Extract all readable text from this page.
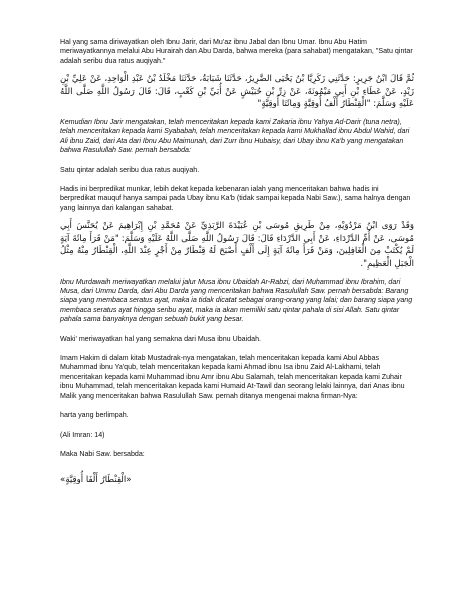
Hal yang sama diriwayatkan oleh Ibnu Jarir, dari Mu'az ibnu Jabal dan Ibnu Umar. Ibnu Abu Hatim meriwayatkannya melalui Abu Hurairah dan Abu Darda, bahwa mereka (para sahabat) mengatakan, "Satu qintar adalah seribu dua ratus auqiyah."

ثُمَّ قَالَ ابْنُ جَرِيرٍ: حَدَّثَنِي زَكَرِيَّا بْنُ يَحْيَى الضَّرِيرُ، حَدَّثَنَا شَبَابَةُ، حَدَّثَنَا مَخْلَدُ بْنُ عَبْدِ الْوَاحِدِ، عَنْ عَلِيِّ بْنِ زَيْدٍ، عَنْ عَطَاءِ بْنِ أَبِي مَيْمُونَةَ، عَنْ زِرِّ بْنِ حُبَيْشٍ عَنْ أُبَيِّ بْنِ كَعْبٍ، قَالَ: قَالَ رَسُولُ اللَّهِ صَلَّى اللَّهُ عَلَيْهِ وَسَلَّمَ: "الْقِنْطَارُ أَلْفُ أُوقِيَّةٍ وَمِائَتَا أُوقِيَّةٍ"

Kemudian Ibnu Jarir mengatakan, telah menceritakan kepada kami Zakaria ibnu Yahya Ad-Darir (tuna netra), telah menceritakan kepada kami Syababah, telah menceritakan kepada kami Mukhallad ibnu Abdul Wahid, dari Ali ibnu Zaid, dari Ata dari Ibnu Abu Maimunah, dari Zurr ibnu Hubaisy, dari Ubay ibnu Ka'b yang mengatakan bahwa Rasulullah Saw. pernah bersabda:

Satu qintar adalah seribu dua ratus auqiyah.

Hadis ini berpredikat munkar, lebih dekat kepada kebenaran ialah yang menceritakan bahwa hadis ini berpredikat mauquf hanya sampai pada Ubay ibnu Ka'b (tidak sampai kepada Nabi Saw.), sama halnya dengan yang lainnya dari kalangan sahabat.

وَقَدْ رَوَى ابْنُ مَرْدُوَيْهِ، مِنْ طَرِيقِ مُوسَى بْنِ عُبَيْدَةَ الرَّبَذِيِّ عَنْ مُحَمَّدِ بْنِ إِبْرَاهِيمَ عَنْ يُحَنَّسَ أَبِي مُوسَى، عَنْ أُمِّ الدَّرْدَاءِ، عَنْ أَبِي الدَّرْدَاءِ قَالَ: قَالَ رَسُولُ اللَّهِ صَلَّى اللَّهُ عَلَيْهِ وَسَلَّمَ: "مَنْ قَرَأَ مِائَةَ آيَةٍ لَمْ يُكْتَبْ مِنَ الْغَافِلِينَ، وَمَنْ قَرَأَ مِائَةَ آيَةٍ إِلَى أَلْفٍ أَصْبَحَ لَهُ قِنْطَارٌ مِنْ أَجْرٍ عِنْدَ اللَّهِ، الْقِنْطَارُ مِنْهُ مِثْلُ الْجَبَلِ الْعَظِيمِ".

Ibnu Murdawaih meriwayatkan melalui jalur Musa ibnu Ubaidah Ar-Rabzi, dari Muhammad ibnu Ibrahim, dari Musa, dari Ummu Darda, dari Abu Darda yang menceritakan bahwa Rasulullah Saw. pernah bersabda: Barang siapa yang membaca seratus ayat, maka ia tidak dicatat sebagai orang-orang yang lalai; dan barang siapa yang membaca seratus ayat hingga seribu ayat, maka ia akan memiliki satu qintar pahala di sisi Allah. Satu qintar pahala sama banyaknya dengan sebuah bukit yang besar.

Waki' meriwayatkan hal yang semakna dari Musa ibnu Ubaidah.

Imam Hakim di dalam kitab Mustadrak-nya mengatakan, telah menceritakan kepada kami Abul Abbas Muhammad ibnu Ya'qub, telah menceritakan kepada kami Ahmad ibnu Isa ibnu Zaid Al-Lakhami, telah menceritakan kepada kami Muhammad ibnu Amr ibnu Abu Salamah, telah menceritakan kepada kami Zuhair ibnu Muhammad, telah menceritakan kepada kami Humaid At-Tawil dan seorang lelaki lainnya, dari Anas ibnu Malik yang menceritakan bahwa Rasulullah Saw. pernah ditanya mengenai makna firman-Nya:

harta yang berlimpah.

(Ali Imran: 14)

Maka Nabi Saw. bersabda:

«الْقِنْطَارُ أَلْفَا أُوقِيَّةٍ»
